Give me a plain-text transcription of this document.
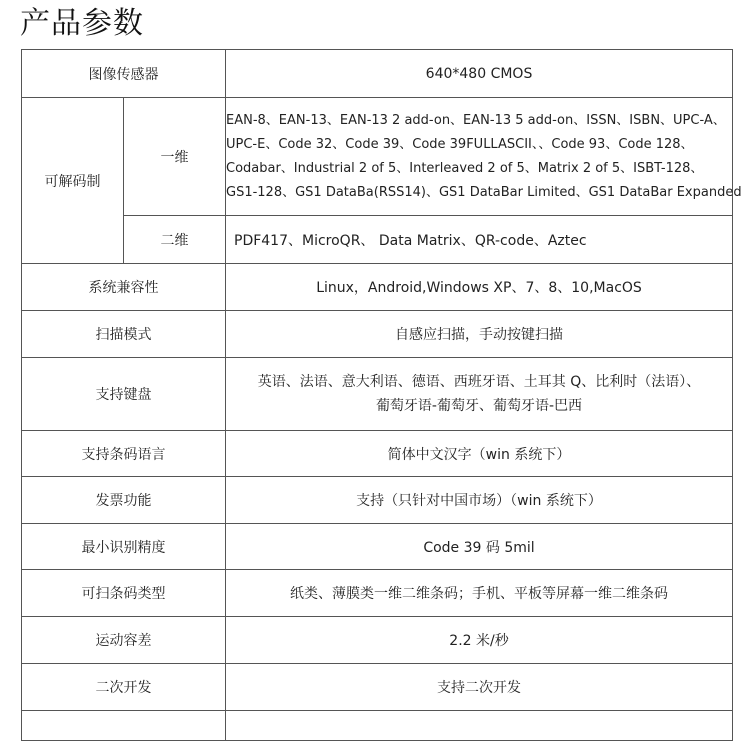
产品参数
图像传感器		640*480 CMOS
可解码制	一维	EAN-8、EAN-13、EAN-13 2 add-on、EAN-13 5 add-on、ISSN、ISBN、UPC-A、
UPC-E、Code 32、Code 39、Code 39FULLASCII、、Code 93、Code 128、
Codabar、Industrial 2 of 5、Interleaved 2 of 5、Matrix 2 of 5、ISBT-128、
GS1-128、GS1 DataBa(RSS14)、GS1 DataBar Limited、GS1 DataBar Expanded

	二维	PDF417、MicroQR、 Data Matrix、QR-code、Aztec
系统兼容性		Linux，Android,Windows XP、7、8、10,MacOS
扫描模式		自感应扫描，手动按键扫描
支持键盘		英语、法语、意大利语、德语、西班牙语、土耳其 Q、比利时（法语）、
葡萄牙语-葡萄牙、葡萄牙语-巴西

支持条码语言		简体中文汉字（win 系统下）
发票功能		支持（只针对中国市场）（win 系统下）
最小识别精度		Code 39 码 5mil
可扫条码类型		纸类、薄膜类一维二维条码；手机、平板等屏幕一维二维条码
运动容差		2.2 米/秒
二次开发		支持二次开发
